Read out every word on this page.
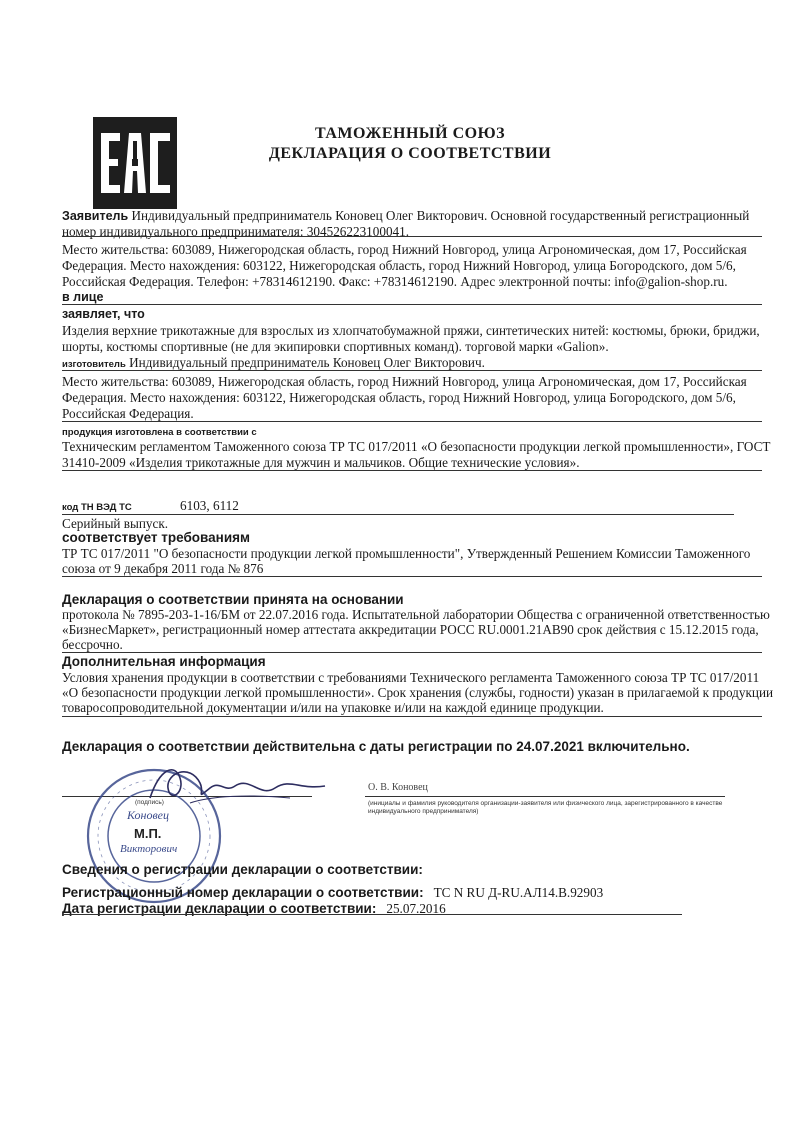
ТАМОЖЕННЫЙ СОЮЗ
ДЕКЛАРАЦИЯ О СООТВЕТСТВИИ
Заявитель Индивидуальный предприниматель Коновец Олег Викторович. Основной государственный регистрационный
номер индивидуального предпринимателя: 304526223100041.
Место жительства: 603089, Нижегородская область, город Нижний Новгород, улица Агрономическая, дом 17, Российская
Федерация. Место нахождения: 603122, Нижегородская область, город Нижний Новгород, улица Богородского, дом 5/6,
Российская Федерация. Телефон: +78314612190. Факс: +78314612190. Адрес электронной почты: info@galion-shop.ru.
в лице
заявляет, что
Изделия верхние трикотажные для взрослых из хлопчатобумажной пряжи, синтетических нитей: костюмы, брюки, бриджи,
шорты, костюмы спортивные (не для экипировки спортивных команд). торговой марки «Galion».
изготовитель Индивидуальный предприниматель Коновец Олег Викторович.
Место жительства: 603089, Нижегородская область, город Нижний Новгород, улица Агрономическая, дом 17, Российская
Федерация. Место нахождения: 603122, Нижегородская область, город Нижний Новгород, улица Богородского, дом 5/6,
Российская Федерация.
продукция изготовлена в соответствии с
Техническим регламентом Таможенного союза ТР ТС 017/2011 «О безопасности продукции легкой промышленности», ГОСТ
31410-2009 «Изделия трикотажные для мужчин и мальчиков. Общие технические условия».
код ТН ВЭД ТС	6103, 6112
Серийный выпуск.
соответствует требованиям
ТР ТС 017/2011 "О безопасности продукции легкой промышленности", Утвержденный Решением Комиссии Таможенного
союза от 9 декабря 2011 года № 876
Декларация о соответствии принята на основании
протокола № 7895-203-1-16/БМ от 22.07.2016 года. Испытательной лаборатории Общества с ограниченной ответственностью
«БизнесМаркет», регистрационный номер аттестата аккредитации РОСС RU.0001.21АВ90 срок действия с 15.12.2015 года,
бессрочно.
Дополнительная информация
Условия хранения продукции в соответствии с требованиями Технического регламента Таможенного союза ТР ТС 017/2011
«О безопасности продукции легкой промышленности». Срок хранения (службы, годности) указан в прилагаемой к продукции
товаросопроводительной документации и/или на упаковке и/или на каждой единице продукции.
Декларация о соответствии действительна с даты регистрации по 24.07.2021 включительно.
(подпись)
О. В. Коновец
(инициалы и фамилия руководителя организации-заявителя или физического лица, зарегистрированного в качестве
индивидуального предпринимателя)
Коновец
М.П.
Викторович
Сведения о регистрации декларации о соответствии:
Регистрационный номер декларации о соответствии: ТС N RU Д-RU.АЛ14.В.92903
Дата регистрации декларации о соответствии: 25.07.2016
